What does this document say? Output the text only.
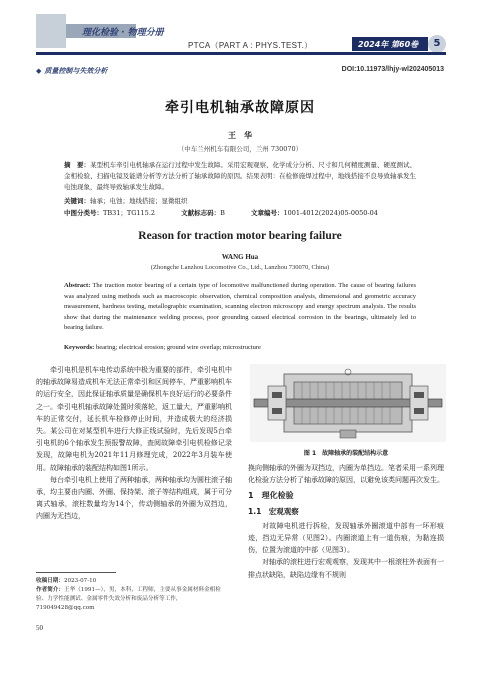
理化检验 · 物理分册
PTCA（PART A : PHYS.TEST.）	2024年 第60卷	5
◆ 质量控制与失效分析	DOI:10.11973/lhjy-wl202405013
牵引电机轴承故障原因
王　华
（中车兰州机车有限公司，兰州 730070）
摘　要：某型机车牵引电机轴承在运行过程中发生故障。采用宏观观察、化学成分分析、尺寸和几何精度测量、硬度测试、金相检验、扫描电镜及能谱分析等方法分析了轴承故障的原因。结果表明：在检修施焊过程中，地线搭接不良导致轴承发生电蚀现象，最终导致轴承发生故障。
关键词：轴承；电蚀；地线搭接；显微组织
中图分类号：TB31；TG115.2	文献标志码：B	文章编号：1001-4012(2024)05-0050-04
Reason for traction motor bearing failure
WANG Hua
(Zhongche Lanzhou Locomotive Co., Ltd., Lanzhou 730070, China)
Abstract: The traction motor bearing of a certain type of locomotive malfunctioned during operation. The cause of bearing failures was analyzed using methods such as macroscopic observation, chemical composition analysis, dimensional and geometric accuracy measurement, hardness testing, metallographic examination, scanning electron microscopy and energy spectrum analysis. The results show that during the maintenance welding process, poor grounding caused electrical corrosion in the bearings, ultimately led to bearing failure.
Keywords: bearing; electrical erosion; ground wire overlap; microstructure

牵引电机是机车电传动系统中极为重要的部件，牵引电机中的轴承故障易造成机车无法正常牵引和区间停车，严重影响机车的运行安全，因此保证轴承质量是确保机车良好运行的必要条件之一。牵引电机轴承故障处置时须落轮，返工量大，严重影响机车的正常交付，延长机车检修停止时间，并造成极大的经济损失。某公司在对某型机车进行大修正线试验时，先后发现5台牵引电机的6个轴承发生预报警故障，查阅故障牵引电机检修记录发现，故障电机为2021年11月修理完成，2022年3月装车使用。故障轴承的装配结构如图1所示。

每台牵引电机上使用了两种轴承，两种轴承均为圆柱滚子轴承，均主要由内圈、外圈、保持架、滚子等结构组成，属于可分离式轴承，滚柱数量均为14个，传动侧轴承的外圈为双挡边，内圈为无挡边，

收稿日期：2023-07-10
作者简介：王华（1991—），男，本科，工程师，主要从事金属材料金相检验、力学性能测试、金属零件失效分析和废品分析等工作，719049428@qq.com
50
图 1　故障轴承的装配结构示意

换向侧轴承的外圈为双挡边，内圈为单挡边。笔者采用一系列理化检验方法分析了轴承故障的原因，以避免该类问题再次发生。

1　理化检验
1.1　宏观观察

对故障电机进行拆检，发现轴承外圈滚道中部有一环形痕迹，挡边无异常（见图2）。内圈滚道上有一道伤痕，为黏连损伤，位置为滚道的中部（见图3）。

对轴承的滚柱进行宏观观察，发现其中一根滚柱外表面有一排点状缺陷，缺陷边缘有不规则
